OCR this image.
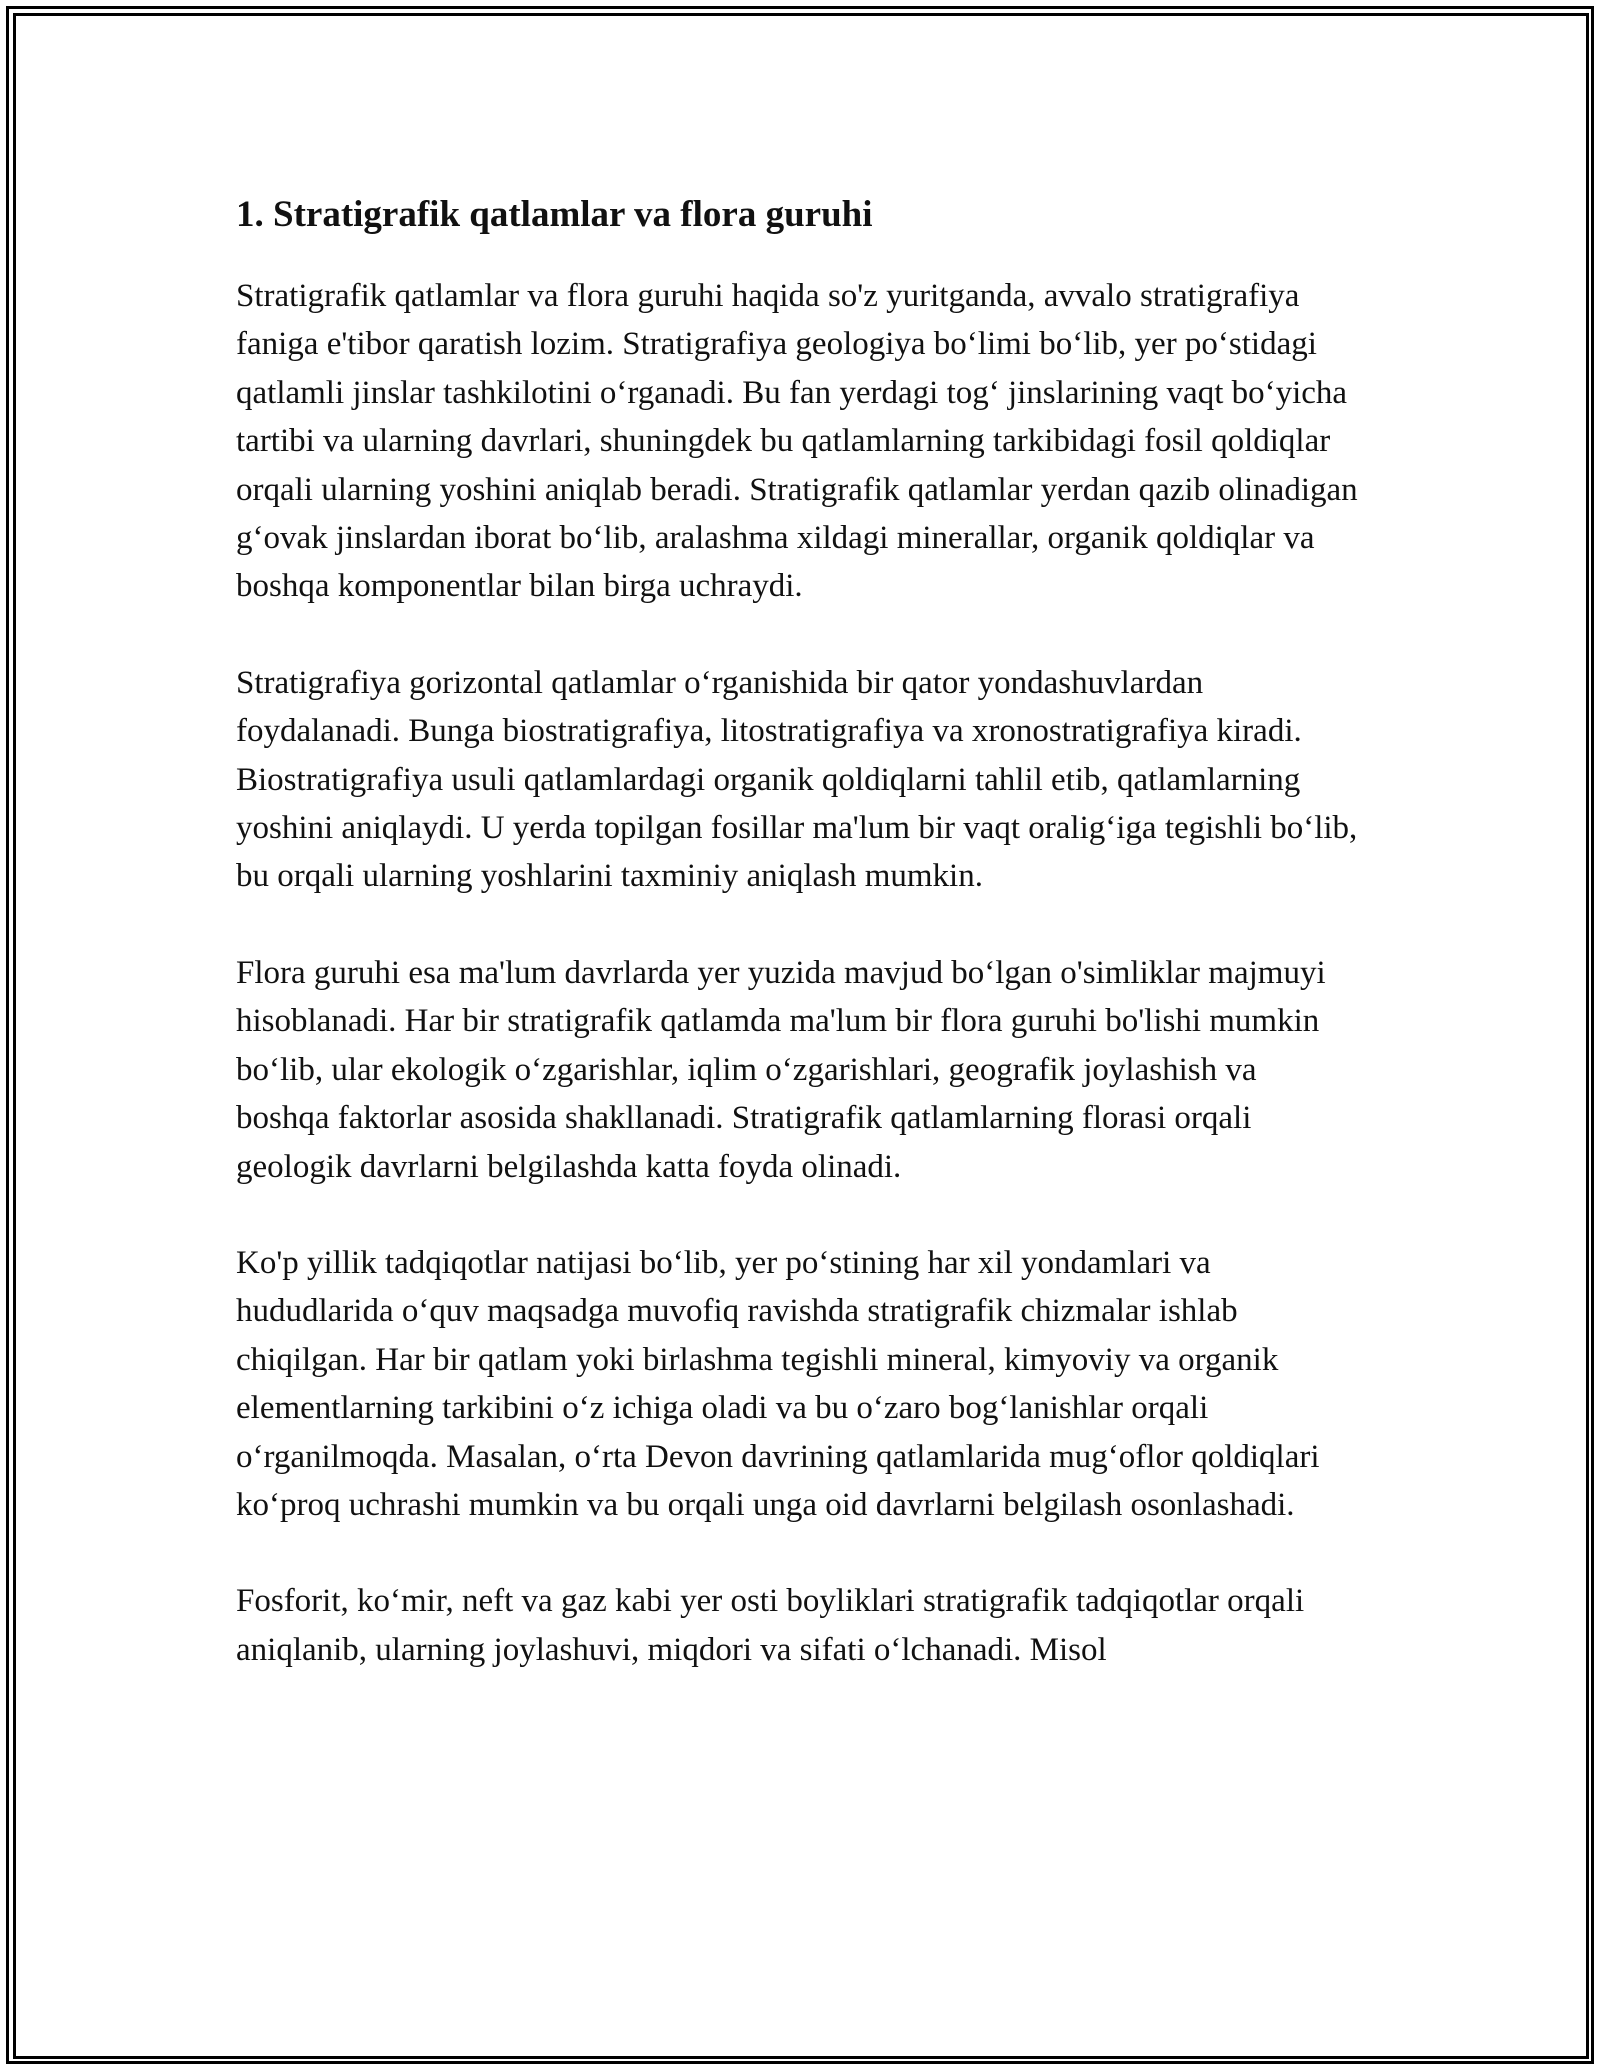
1. Stratigrafik qatlamlar va flora guruhi

Stratigrafik qatlamlar va flora guruhi haqida so'z yuritganda, avvalo stratigrafiya faniga e'tibor qaratish lozim. Stratigrafiya geologiya boʻlimi boʻlib, yer poʻstidagi qatlamli jinslar tashkilotini oʻrganadi. Bu fan yerdagi togʻ jinslarining vaqt boʻyicha tartibi va ularning davrlari, shuningdek bu qatlamlarning tarkibidagi fosil qoldiqlar orqali ularning yoshini aniqlab beradi. Stratigrafik qatlamlar yerdan qazib olinadigan gʻovak jinslardan iborat boʻlib, aralashma xildagi minerallar, organik qoldiqlar va boshqa komponentlar bilan birga uchraydi.

Stratigrafiya gorizontal qatlamlar oʻrganishida bir qator yondashuvlardan foydalanadi. Bunga biostratigrafiya, litostratigrafiya va xronostratigrafiya kiradi. Biostratigrafiya usuli qatlamlardagi organik qoldiqlarni tahlil etib, qatlamlarning yoshini aniqlaydi. U yerda topilgan fosillar ma'lum bir vaqt oraligʻiga tegishli boʻlib, bu orqali ularning yoshlarini taxminiy aniqlash mumkin.

Flora guruhi esa ma'lum davrlarda yer yuzida mavjud boʻlgan o'simliklar majmuyi hisoblanadi. Har bir stratigrafik qatlamda ma'lum bir flora guruhi bo'lishi mumkin boʻlib, ular ekologik oʻzgarishlar, iqlim oʻzgarishlari, geografik joylashish va boshqa faktorlar asosida shakllanadi. Stratigrafik qatlamlarning florasi orqali geologik davrlarni belgilashda katta foyda olinadi.

Ko'p yillik tadqiqotlar natijasi boʻlib, yer poʻstining har xil yondamlari va hududlarida oʻquv maqsadga muvofiq ravishda stratigrafik chizmalar ishlab chiqilgan. Har bir qatlam yoki birlashma tegishli mineral, kimyoviy va organik elementlarning tarkibini oʻz ichiga oladi va bu oʻzaro bogʻlanishlar orqali oʻrganilmoqda. Masalan, oʻrta Devon davrining qatlamlarida mugʻoflor qoldiqlari koʻproq uchrashi mumkin va bu orqali unga oid davrlarni belgilash osonlashadi.

Fosforit, koʻmir, neft va gaz kabi yer osti boyliklari stratigrafik tadqiqotlar orqali aniqlanib, ularning joylashuvi, miqdori va sifati oʻlchanadi. Misol
